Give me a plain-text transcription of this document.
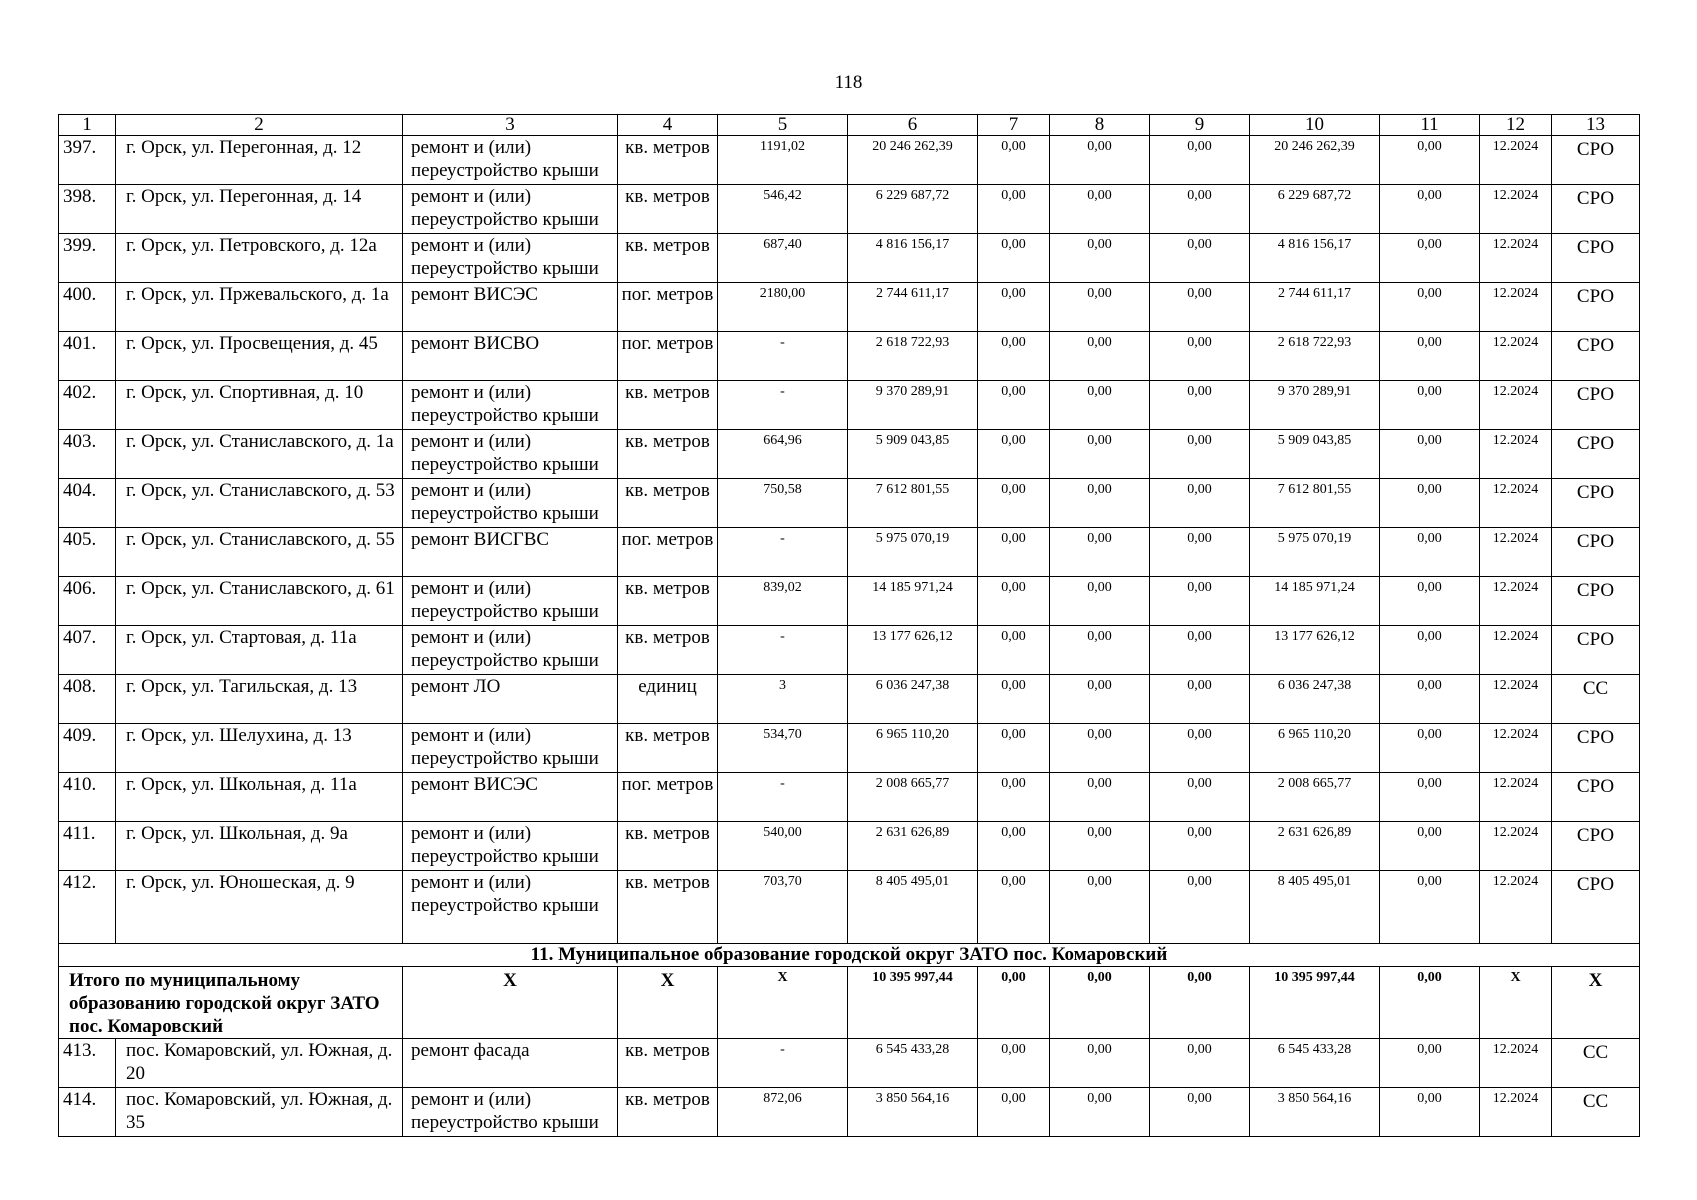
118
1	2	3	4	5	6	7	8	9	10	11	12	13
397.	г. Орск, ул. Перегонная, д. 12	ремонт и (или) переустройство крыши	кв. метров	1191,02	20 246 262,39	0,00	0,00	0,00	20 246 262,39	0,00	12.2024	СРО
398.	г. Орск, ул. Перегонная, д. 14	ремонт и (или) переустройство крыши	кв. метров	546,42	6 229 687,72	0,00	0,00	0,00	6 229 687,72	0,00	12.2024	СРО
399.	г. Орск, ул. Петровского, д. 12а	ремонт и (или) переустройство крыши	кв. метров	687,40	4 816 156,17	0,00	0,00	0,00	4 816 156,17	0,00	12.2024	СРО
400.	г. Орск, ул. Пржевальского, д. 1а	ремонт ВИСЭС	пог. метров	2180,00	2 744 611,17	0,00	0,00	0,00	2 744 611,17	0,00	12.2024	СРО
401.	г. Орск, ул. Просвещения, д. 45	ремонт ВИСВО	пог. метров	-	2 618 722,93	0,00	0,00	0,00	2 618 722,93	0,00	12.2024	СРО
402.	г. Орск, ул. Спортивная, д. 10	ремонт и (или) переустройство крыши	кв. метров	-	9 370 289,91	0,00	0,00	0,00	9 370 289,91	0,00	12.2024	СРО
403.	г. Орск, ул. Станиславского, д. 1а	ремонт и (или) переустройство крыши	кв. метров	664,96	5 909 043,85	0,00	0,00	0,00	5 909 043,85	0,00	12.2024	СРО
404.	г. Орск, ул. Станиславского, д. 53	ремонт и (или) переустройство крыши	кв. метров	750,58	7 612 801,55	0,00	0,00	0,00	7 612 801,55	0,00	12.2024	СРО
405.	г. Орск, ул. Станиславского, д. 55	ремонт ВИСГВС	пог. метров	-	5 975 070,19	0,00	0,00	0,00	5 975 070,19	0,00	12.2024	СРО
406.	г. Орск, ул. Станиславского, д. 61	ремонт и (или) переустройство крыши	кв. метров	839,02	14 185 971,24	0,00	0,00	0,00	14 185 971,24	0,00	12.2024	СРО
407.	г. Орск, ул. Стартовая, д. 11а	ремонт и (или) переустройство крыши	кв. метров	-	13 177 626,12	0,00	0,00	0,00	13 177 626,12	0,00	12.2024	СРО
408.	г. Орск, ул. Тагильская, д. 13	ремонт ЛО	единиц	3	6 036 247,38	0,00	0,00	0,00	6 036 247,38	0,00	12.2024	СС
409.	г. Орск, ул. Шелухина, д. 13	ремонт и (или) переустройство крыши	кв. метров	534,70	6 965 110,20	0,00	0,00	0,00	6 965 110,20	0,00	12.2024	СРО
410.	г. Орск, ул. Школьная, д. 11а	ремонт ВИСЭС	пог. метров	-	2 008 665,77	0,00	0,00	0,00	2 008 665,77	0,00	12.2024	СРО
411.	г. Орск, ул. Школьная, д. 9а	ремонт и (или) переустройство крыши	кв. метров	540,00	2 631 626,89	0,00	0,00	0,00	2 631 626,89	0,00	12.2024	СРО
412.	г. Орск, ул. Юношеская, д. 9	ремонт и (или) переустройство крыши	кв. метров	703,70	8 405 495,01	0,00	0,00	0,00	8 405 495,01	0,00	12.2024	СРО
11. Муниципальное образование городской округ ЗАТО пос. Комаровский												
Итого по муниципальному образованию городской округ ЗАТО пос. Комаровский		Х	Х	Х	10 395 997,44	0,00	0,00	0,00	10 395 997,44	0,00	Х	Х
413.	пос. Комаровский, ул. Южная, д. 20	ремонт фасада	кв. метров	-	6 545 433,28	0,00	0,00	0,00	6 545 433,28	0,00	12.2024	СС
414.	пос. Комаровский, ул. Южная, д. 35	ремонт и (или) переустройство крыши	кв. метров	872,06	3 850 564,16	0,00	0,00	0,00	3 850 564,16	0,00	12.2024	СС
